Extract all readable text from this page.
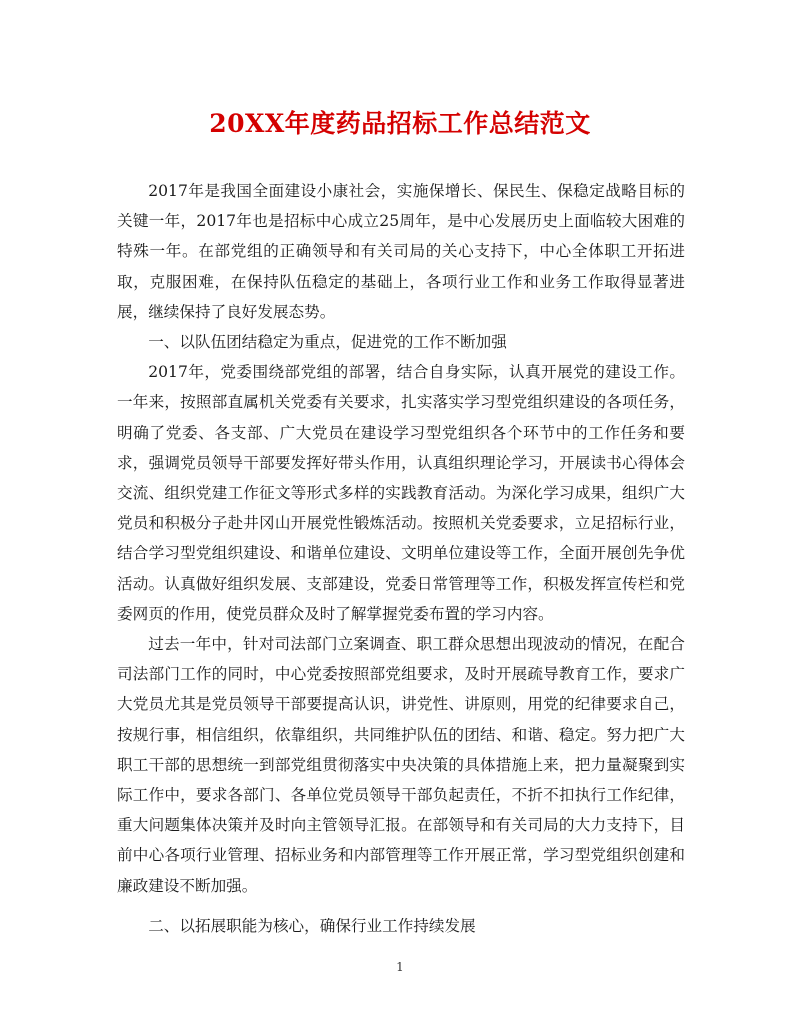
20XX年度药品招标工作总结范文

2017年是我国全面建设小康社会，实施保增长、保民生、保稳定战略目标的关键一年，2017年也是招标中心成立25周年，是中心发展历史上面临较大困难的特殊一年。在部党组的正确领导和有关司局的关心支持下，中心全体职工开拓进取，克服困难，在保持队伍稳定的基础上，各项行业工作和业务工作取得显著进展，继续保持了良好发展态势。

一、以队伍团结稳定为重点，促进党的工作不断加强

2017年，党委围绕部党组的部署，结合自身实际，认真开展党的建设工作。一年来，按照部直属机关党委有关要求，扎实落实学习型党组织建设的各项任务，明确了党委、各支部、广大党员在建设学习型党组织各个环节中的工作任务和要求，强调党员领导干部要发挥好带头作用，认真组织理论学习，开展读书心得体会交流、组织党建工作征文等形式多样的实践教育活动。为深化学习成果，组织广大党员和积极分子赴井冈山开展党性锻炼活动。按照机关党委要求，立足招标行业，结合学习型党组织建设、和谐单位建设、文明单位建设等工作，全面开展创先争优活动。认真做好组织发展、支部建设，党委日常管理等工作，积极发挥宣传栏和党委网页的作用，使党员群众及时了解掌握党委布置的学习内容。

过去一年中，针对司法部门立案调查、职工群众思想出现波动的情况，在配合司法部门工作的同时，中心党委按照部党组要求，及时开展疏导教育工作，要求广大党员尤其是党员领导干部要提高认识，讲党性、讲原则，用党的纪律要求自己，按规行事，相信组织，依靠组织，共同维护队伍的团结、和谐、稳定。努力把广大职工干部的思想统一到部党组贯彻落实中央决策的具体措施上来，把力量凝聚到实际工作中，要求各部门、各单位党员领导干部负起责任，不折不扣执行工作纪律，重大问题集体决策并及时向主管领导汇报。在部领导和有关司局的大力支持下，目前中心各项行业管理、招标业务和内部管理等工作开展正常，学习型党组织创建和廉政建设不断加强。

二、以拓展职能为核心，确保行业工作持续发展

1
